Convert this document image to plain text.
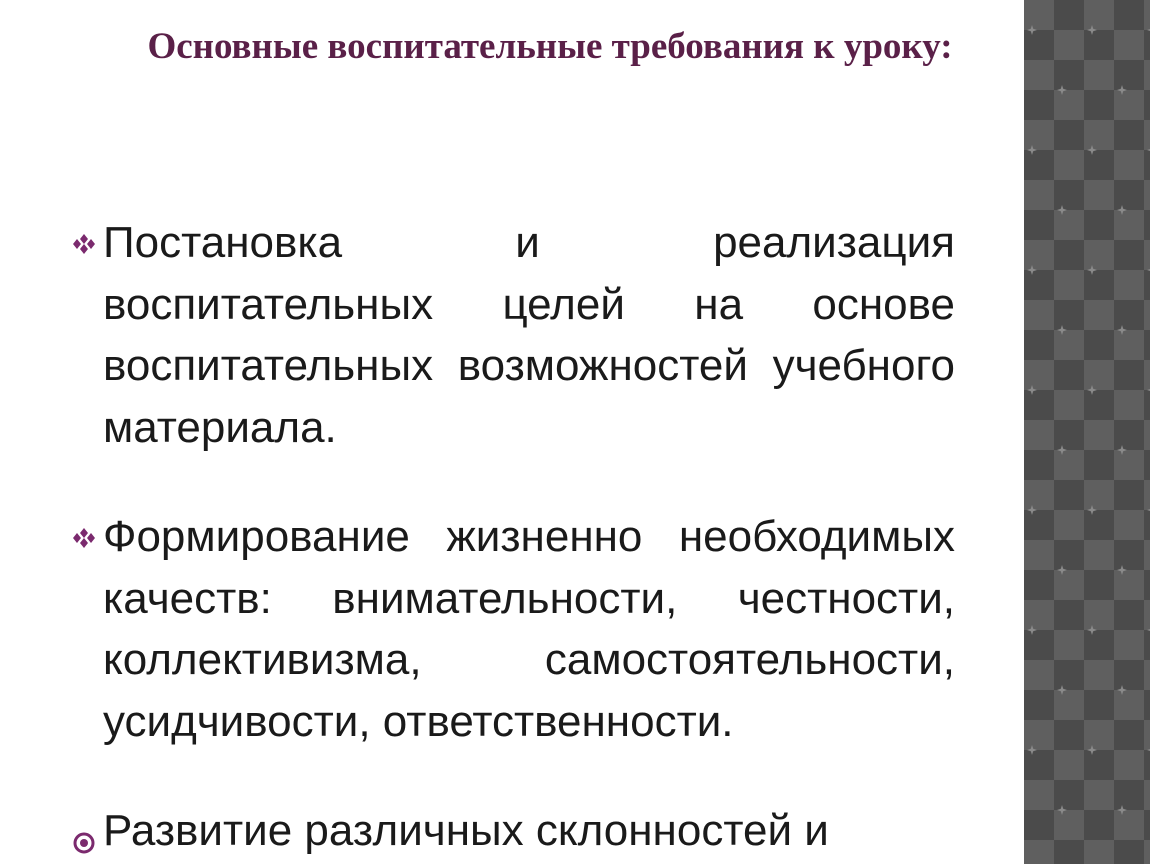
Основные воспитательные требования к уроку:
Постановка и реализация воспитательных целей на основе воспитательных возможностей учебного материала.
Формирование жизненно необходимых качеств: внимательности, честности, коллективизма, самостоятельности, усидчивости, ответственности.
Развитие различных склонностей и
